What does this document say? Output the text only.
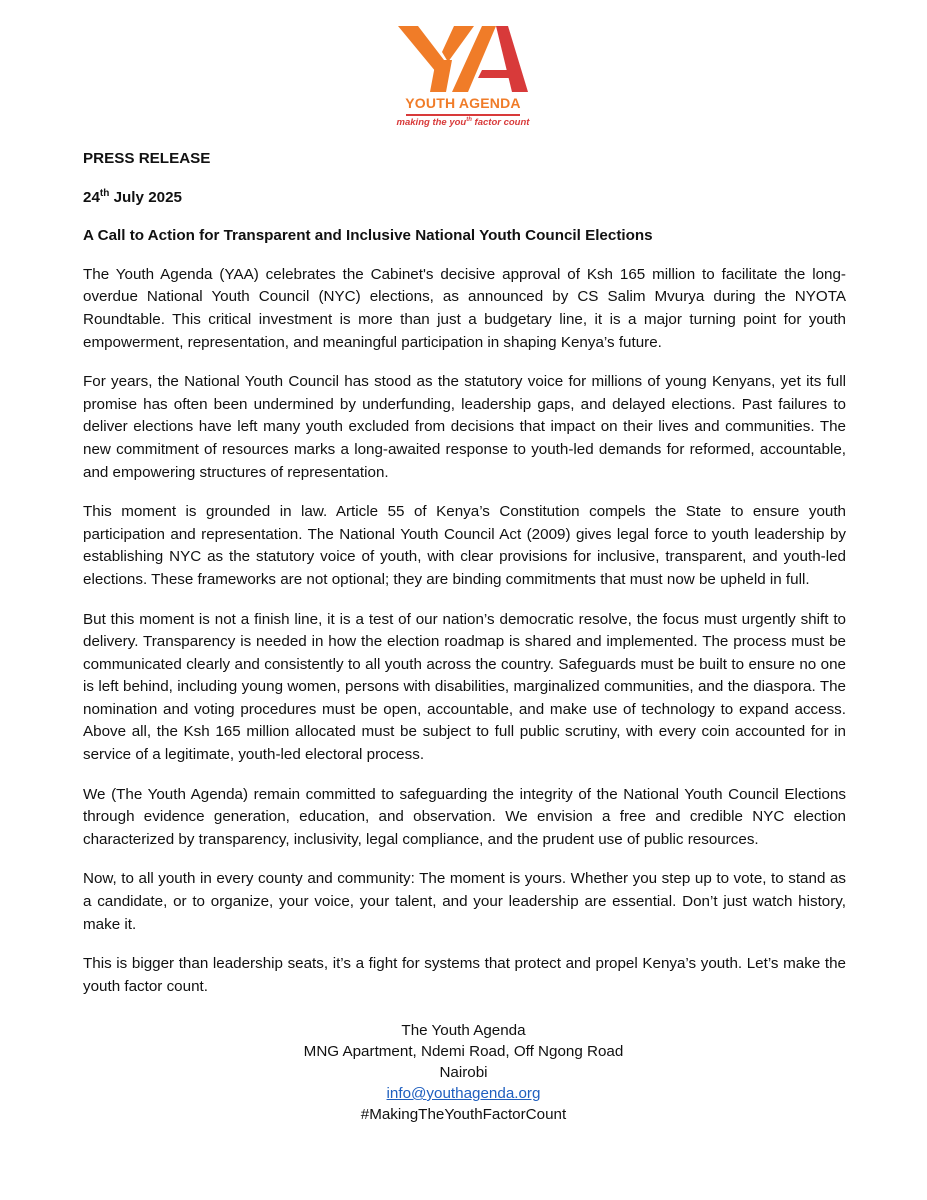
YOUTH AGENDA
making the you$^{th}$ factor count

PRESS RELEASE

24th July 2025

A Call to Action for Transparent and Inclusive National Youth Council Elections

The Youth Agenda (YAA) celebrates the Cabinet's decisive approval of Ksh 165 million to facilitate the long-overdue National Youth Council (NYC) elections, as announced by CS Salim Mvurya during the NYOTA Roundtable. This critical investment is more than just a budgetary line, it is a major turning point for youth empowerment, representation, and meaningful participation in shaping Kenya’s future.

For years, the National Youth Council has stood as the statutory voice for millions of young Kenyans, yet its full promise has often been undermined by underfunding, leadership gaps, and delayed elections. Past failures to deliver elections have left many youth excluded from decisions that impact on their lives and communities. The new commitment of resources marks a long-awaited response to youth-led demands for reformed, accountable, and empowering structures of representation.

This moment is grounded in law. Article 55 of Kenya’s Constitution compels the State to ensure youth participation and representation. The National Youth Council Act (2009) gives legal force to youth leadership by establishing NYC as the statutory voice of youth, with clear provisions for inclusive, transparent, and youth-led elections. These frameworks are not optional; they are binding commitments that must now be upheld in full.

But this moment is not a finish line, it is a test of our nation’s democratic resolve, the focus must urgently shift to delivery. Transparency is needed in how the election roadmap is shared and implemented. The process must be communicated clearly and consistently to all youth across the country. Safeguards must be built to ensure no one is left behind, including young women, persons with disabilities, marginalized communities, and the diaspora. The nomination and voting procedures must be open, accountable, and make use of technology to expand access. Above all, the Ksh 165 million allocated must be subject to full public scrutiny, with every coin accounted for in service of a legitimate, youth-led electoral process.

We (The Youth Agenda) remain committed to safeguarding the integrity of the National Youth Council Elections through evidence generation, education, and observation. We envision a free and credible NYC election characterized by transparency, inclusivity, legal compliance, and the prudent use of public resources.

Now, to all youth in every county and community: The moment is yours. Whether you step up to vote, to stand as a candidate, or to organize, your voice, your talent, and your leadership are essential. Don’t just watch history, make it.

This is bigger than leadership seats, it’s a fight for systems that protect and propel Kenya’s youth. Let’s make the youth factor count.

The Youth Agenda
MNG Apartment, Ndemi Road, Off Ngong Road
Nairobi
info@youthagenda.org
#MakingTheYouthFactorCount
